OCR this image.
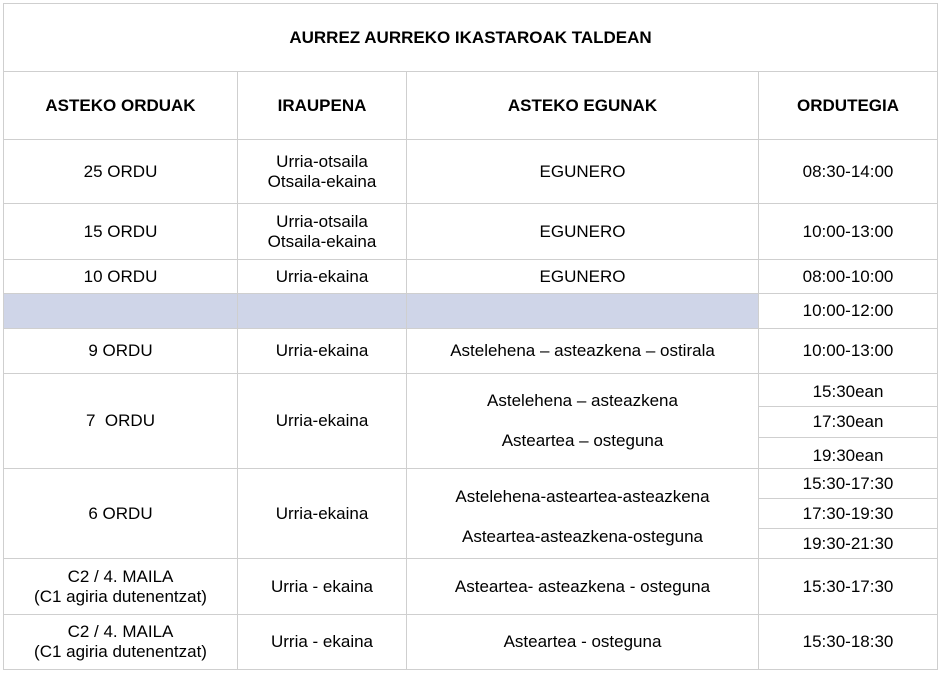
AURREZ AURREKO IKASTAROAK TALDEAN			
ASTEKO ORDUAK	IRAUPENA	ASTEKO EGUNAK	ORDUTEGIA
25 ORDU	Urria-otsaila
Otsaila-ekaina	EGUNERO	08:30-14:00
15 ORDU	Urria-otsaila
Otsaila-ekaina	EGUNERO	10:00-13:00
10 ORDU	Urria-ekaina	EGUNERO	08:00-10:00
			10:00-12:00
9 ORDU	Urria-ekaina	Astelehena – asteazkena – ostirala	10:00-13:00
7  ORDU	Urria-ekaina	Astelehena – asteazkena
Asteartea – osteguna	15:30ean
			17:30ean
			19:30ean
6 ORDU	Urria-ekaina	Astelehena-asteartea-asteazkena
Asteartea-asteazkena-osteguna	15:30-17:30
			17:30-19:30
			19:30-21:30

C2 / 4. MAILA
(C1 agiria dutenentzat)	Urria - ekaina	Asteartea- asteazkena - osteguna	15:30-17:30

C2 / 4. MAILA
(C1 agiria dutenentzat)	Urria - ekaina	Asteartea - osteguna	15:30-18:30
